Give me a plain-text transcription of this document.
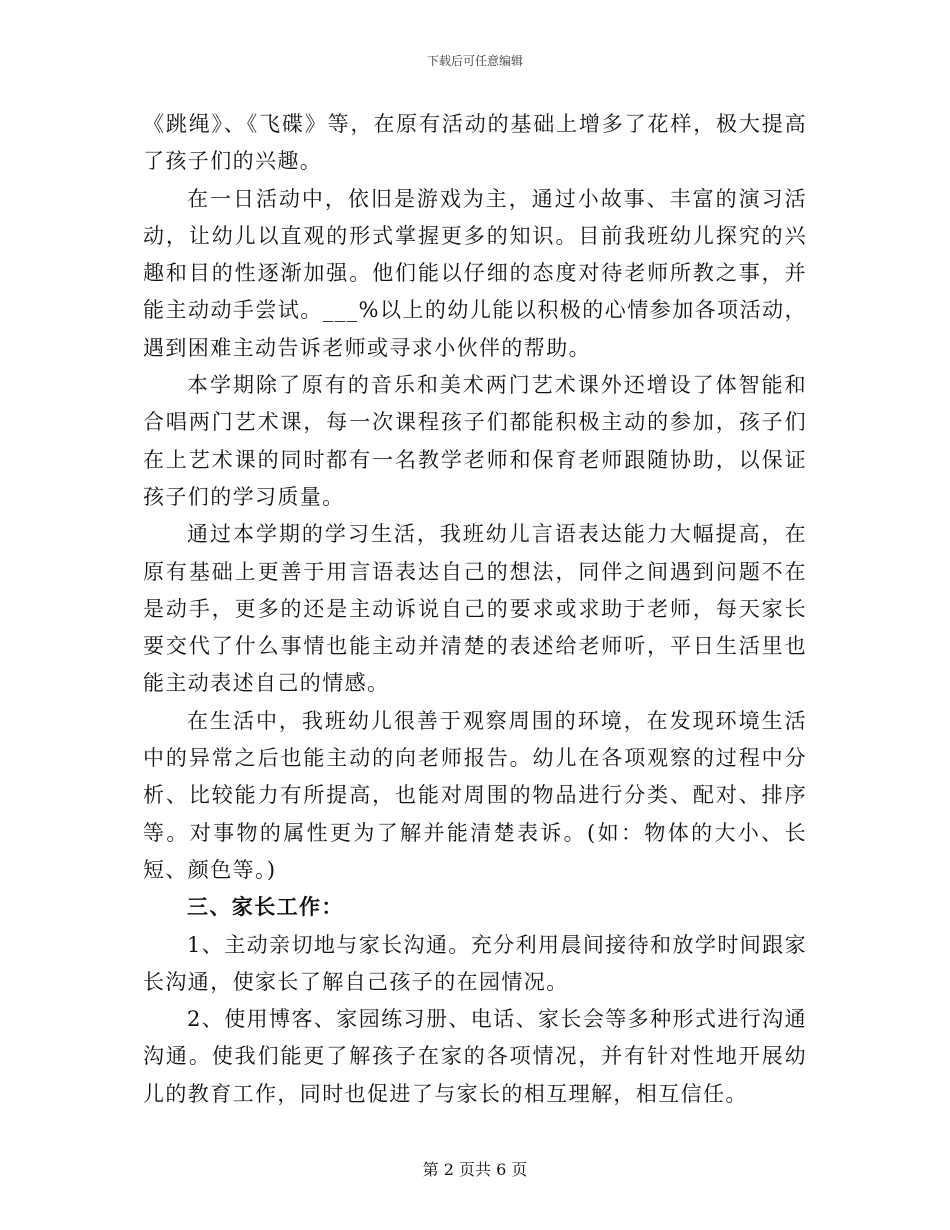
下载后可任意编辑

《跳绳》、《飞碟》等，在原有活动的基础上增多了花样，极大提高了孩子们的兴趣。

在一日活动中，依旧是游戏为主，通过小故事、丰富的演习活动，让幼儿以直观的形式掌握更多的知识。目前我班幼儿探究的兴趣和目的性逐渐加强。他们能以仔细的态度对待老师所教之事，并能主动动手尝试。___%以上的幼儿能以积极的心情参加各项活动，遇到困难主动告诉老师或寻求小伙伴的帮助。

本学期除了原有的音乐和美术两门艺术课外还增设了体智能和合唱两门艺术课，每一次课程孩子们都能积极主动的参加，孩子们在上艺术课的同时都有一名教学老师和保育老师跟随协助，以保证孩子们的学习质量。

通过本学期的学习生活，我班幼儿言语表达能力大幅提高，在原有基础上更善于用言语表达自己的想法，同伴之间遇到问题不在是动手，更多的还是主动诉说自己的要求或求助于老师，每天家长要交代了什么事情也能主动并清楚的表述给老师听，平日生活里也能主动表述自己的情感。

在生活中，我班幼儿很善于观察周围的环境，在发现环境生活中的异常之后也能主动的向老师报告。幼儿在各项观察的过程中分析、比较能力有所提高，也能对周围的物品进行分类、配对、排序等。对事物的属性更为了解并能清楚表诉。(如：物体的大小、长短、颜色等。)

三、家长工作：

1、主动亲切地与家长沟通。充分利用晨间接待和放学时间跟家长沟通，使家长了解自己孩子的在园情况。

2、使用博客、家园练习册、电话、家长会等多种形式进行沟通沟通。使我们能更了解孩子在家的各项情况，并有针对性地开展幼儿的教育工作，同时也促进了与家长的相互理解，相互信任。

第 2 页共 6 页
